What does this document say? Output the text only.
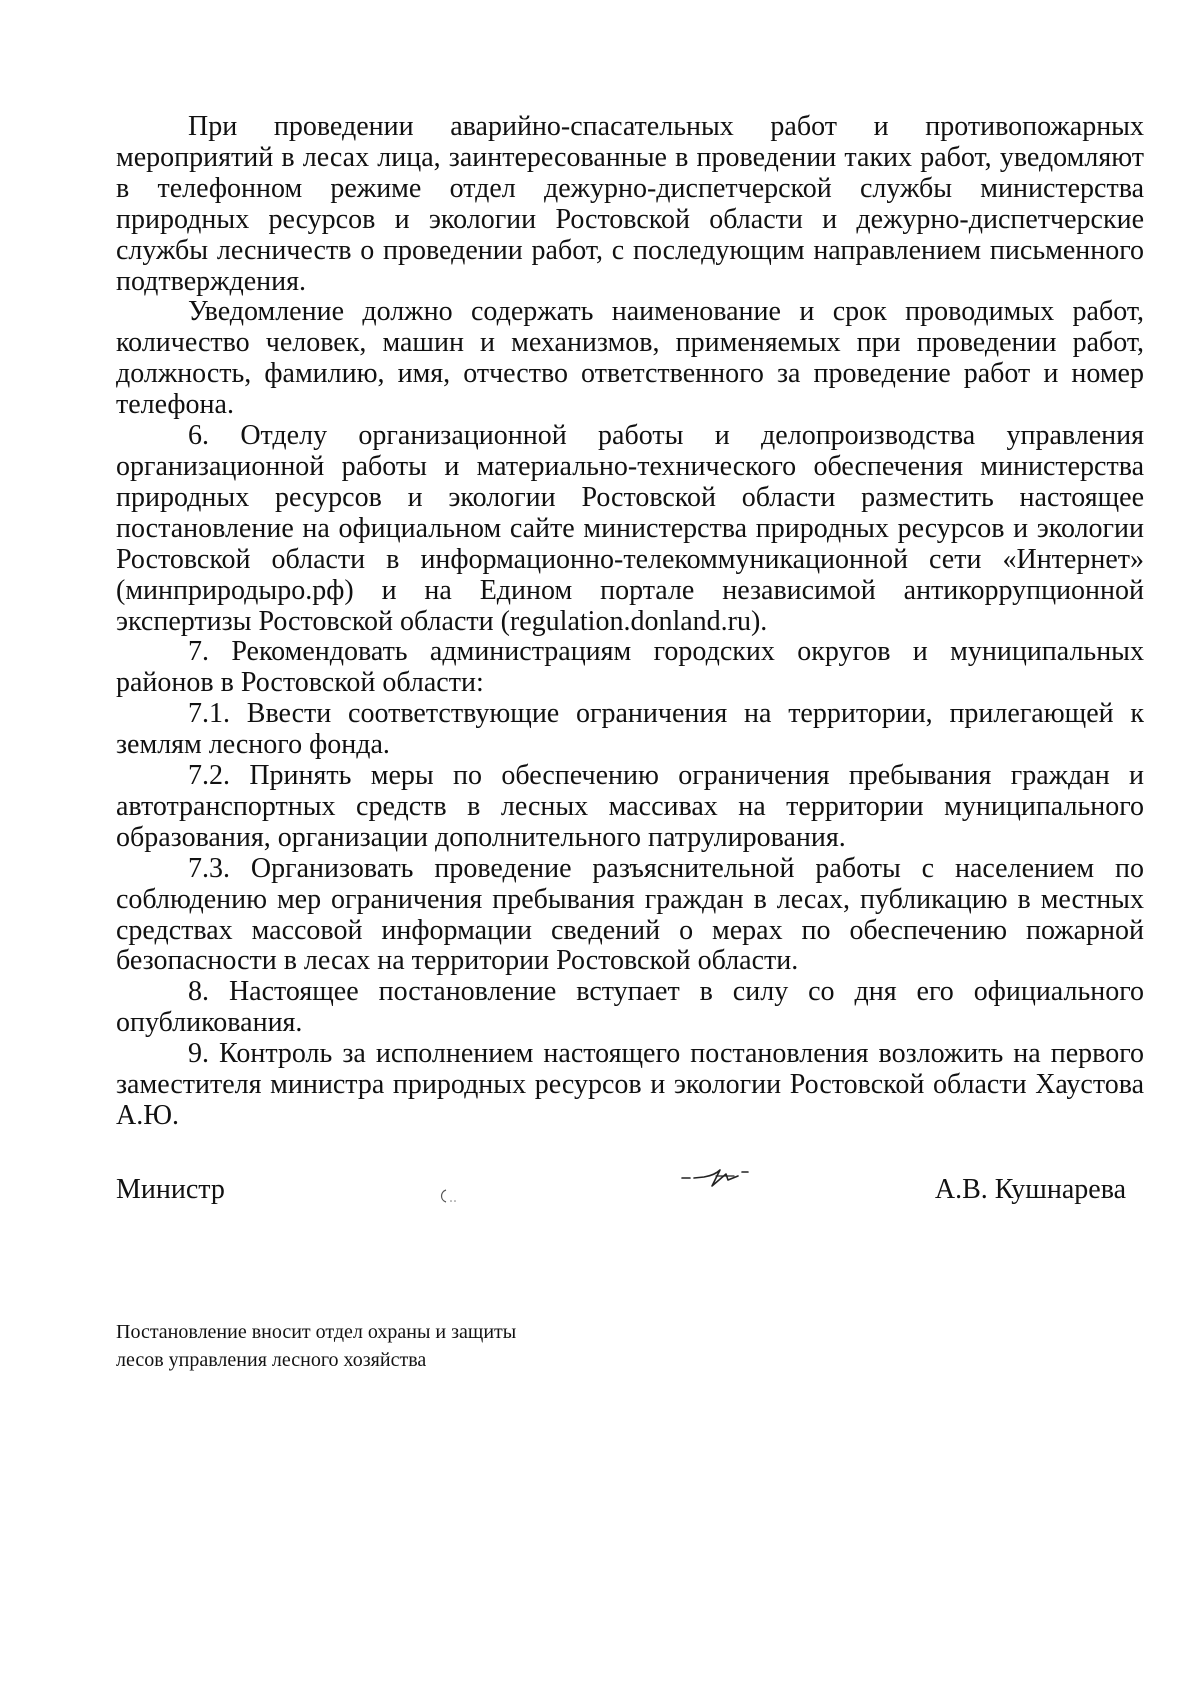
При проведении аварийно-спасательных работ и противопожарных мероприятий в лесах лица, заинтересованные в проведении таких работ, уведомляют в телефонном режиме отдел дежурно-диспетчерской службы министерства природных ресурсов и экологии Ростовской области и дежурно-диспетчерские службы лесничеств о проведении работ, с последующим направлением письменного подтверждения.

Уведомление должно содержать наименование и срок проводимых работ, количество человек, машин и механизмов, применяемых при проведении работ, должность, фамилию, имя, отчество ответственного за проведение работ и номер телефона.

6. Отделу организационной работы и делопроизводства управления организационной работы и материально-технического обеспечения министерства природных ресурсов и экологии Ростовской области разместить настоящее постановление на официальном сайте министерства природных ресурсов и экологии Ростовской области в информационно-телекоммуникационной сети «Интернет» (минприродыро.рф) и на Едином портале независимой антикоррупционной экспертизы Ростовской области (regulation.donland.ru).

7. Рекомендовать администрациям городских округов и муниципальных районов в Ростовской области:

7.1. Ввести соответствующие ограничения на территории, прилегающей к землям лесного фонда.

7.2. Принять меры по обеспечению ограничения пребывания граждан и автотранспортных средств в лесных массивах на территории муниципального образования, организации дополнительного патрулирования.

7.3. Организовать проведение разъяснительной работы с населением по соблюдению мер ограничения пребывания граждан в лесах, публикацию в местных средствах массовой информации сведений о мерах по обеспечению пожарной безопасности в лесах на территории Ростовской области.

8. Настоящее постановление вступает в силу со дня его официального опубликования.

9. Контроль за исполнением настоящего постановления возложить на первого заместителя министра природных ресурсов и экологии Ростовской области Хаустова А.Ю.

Министр	А.В. Кушнарева
Постановление вносит отдел охраны и защиты
лесов управления лесного хозяйства
